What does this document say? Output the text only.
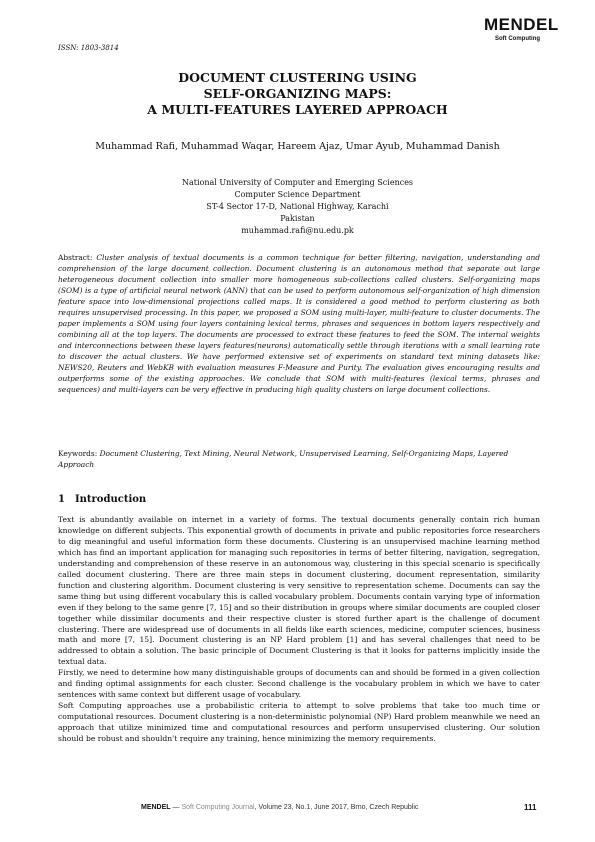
ISSN: 1803-3814
MENDEL
Soft Computing
DOCUMENT CLUSTERING USING
SELF-ORGANIZING MAPS:
A MULTI-FEATURES LAYERED APPROACH
Muhammad Rafi, Muhammad Waqar, Hareem Ajaz, Umar Ayub, Muhammad Danish
National University of Computer and Emerging Sciences
Computer Science Department
ST-4 Sector 17-D, National Highway, Karachi
Pakistan
muhammad.rafi@nu.edu.pk
Abstract: Cluster analysis of textual documents is a common technique for better filtering, navigation, understanding and comprehension of the large document collection. Document clustering is an autonomous method that separate out large heterogeneous document collection into smaller more homogeneous sub-collections called clusters. Self-organizing maps (SOM) is a type of artificial neural network (ANN) that can be used to perform autonomous self-organization of high dimension feature space into low-dimensional projections called maps. It is considered a good method to perform clustering as both requires unsupervised processing. In this paper, we proposed a SOM using multi-layer, multi-feature to cluster documents. The paper implements a SOM using four layers containing lexical terms, phrases and sequences in bottom layers respectively and combining all at the top layers. The documents are processed to extract these features to feed the SOM. The internal weights and interconnections between these layers features(neurons) automatically settle through iterations with a small learning rate to discover the actual clusters. We have performed extensive set of experiments on standard text mining datasets like: NEWS20, Reuters and WebKB with evaluation measures F-Measure and Purity. The evaluation gives encouraging results and outperforms some of the existing approaches. We conclude that SOM with multi-features (lexical terms, phrases and sequences) and multi-layers can be very effective in producing high quality clusters on large document collections.
Keywords: Document Clustering, Text Mining, Neural Network, Unsupervised Learning, Self-Organizing Maps, Layered Approach
1 Introduction

Text is abundantly available on internet in a variety of forms. The textual documents generally contain rich human knowledge on different subjects. This exponential growth of documents in private and public repositories force researchers to dig meaningful and useful information form these documents. Clustering is an unsupervised machine learning method which has find an important application for managing such repositories in terms of better filtering, navigation, segregation, understanding and comprehension of these reserve in an autonomous way, clustering in this special scenario is specifically called document clustering. There are three main steps in document clustering, document representation, similarity function and clustering algorithm. Document clustering is very sensitive to representation scheme. Documents can say the same thing but using different vocabulary this is called vocabulary problem. Documents contain varying type of information even if they belong to the same genre [7, 15] and so their distribution in groups where similar documents are coupled closer together while dissimilar documents and their respective cluster is stored further apart is the challenge of document clustering. There are widespread use of documents in all fields like earth sciences, medicine, computer sciences, business math and more [7, 15]. Document clustering is an NP Hard problem [1] and has several challenges that need to be addressed to obtain a solution. The basic principle of Document Clustering is that it looks for patterns implicitly inside the textual data.

Firstly, we need to determine how many distinguishable groups of documents can and should be formed in a given collection and finding optimal assignments for each cluster. Second challenge is the vocabulary problem in which we have to cater sentences with same context but different usage of vocabulary.

Soft Computing approaches use a probabilistic criteria to attempt to solve problems that take too much time or computational resources. Document clustering is a non-deterministic polynomial (NP) Hard problem meanwhile we need an approach that utilize minimized time and computational resources and perform unsupervised clustering. Our solution should be robust and shouldn't require any training, hence minimizing the memory requirements.

MENDEL — Soft Computing Journal, Volume 23, No.1, June 2017, Brno, Czech Republic	111
